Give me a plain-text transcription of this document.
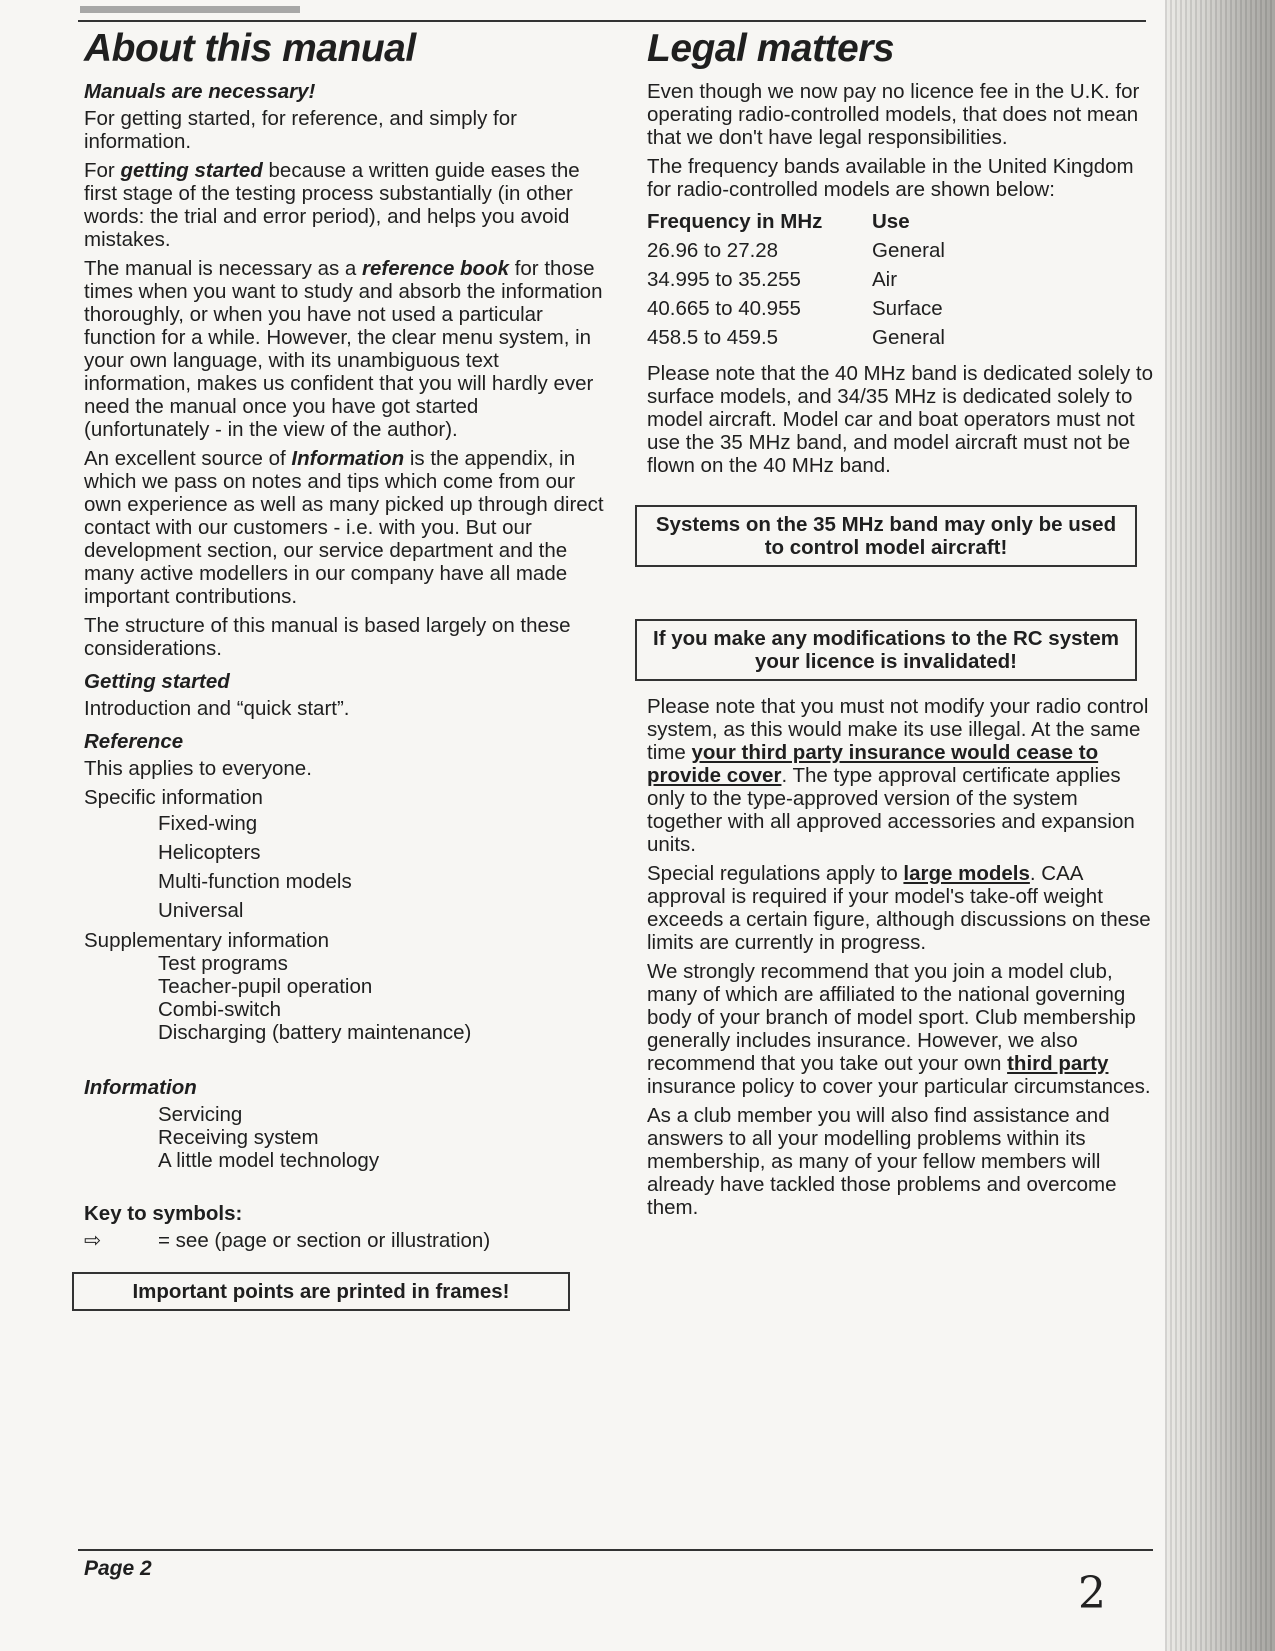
About this manual
Manuals are necessary!

For getting started, for reference, and simply for information.

For getting started because a written guide eases the first stage of the testing process substantially (in other words: the trial and error period), and helps you avoid mistakes.

The manual is necessary as a reference book for those times when you want to study and absorb the information thoroughly, or when you have not used a particular function for a while. However, the clear menu system, in your own language, with its unambiguous text information, makes us confident that you will hardly ever need the manual once you have got started (unfortunately - in the view of the author).

An excellent source of Information is the appendix, in which we pass on notes and tips which come from our own experience as well as many picked up through direct contact with our customers - i.e. with you. But our development section, our service department and the many active modellers in our company have all made important contributions.

The structure of this manual is based largely on these considerations.

Getting started

Introduction and “quick start”.

Reference

This applies to everyone.

Specific information
Fixed-wing
Helicopters
Multi-function models
Universal
Supplementary information
Test programs
Teacher-pupil operation
Combi-switch
Discharging (battery maintenance)
Information
Servicing
Receiving system
A little model technology
Key to symbols:
⇨	= see (page or section or illustration)
Important points are printed in frames!
Legal matters

Even though we now pay no licence fee in the U.K. for operating radio-controlled models, that does not mean that we don't have legal responsibilities.

The frequency bands available in the United Kingdom for radio-controlled models are shown below:

Frequency in MHz	Use
26.96 to 27.28	General
34.995 to 35.255	Air
40.665 to 40.955	Surface
458.5 to 459.5	General

Please note that the 40 MHz band is dedicated solely to surface models, and 34/35 MHz is dedicated solely to model aircraft. Model car and boat operators must not use the 35 MHz band, and model aircraft must not be flown on the 40 MHz band.

Systems on the 35 MHz band may only be used to control model aircraft!
If you make any modifications to the RC system your licence is invalidated!

Please note that you must not modify your radio control system, as this would make its use illegal. At the same time your third party insurance would cease to provide cover. The type approval certificate applies only to the type-approved version of the system together with all approved accessories and expansion units.

Special regulations apply to large models. CAA approval is required if your model's take-off weight exceeds a certain figure, although discussions on these limits are currently in progress.

We strongly recommend that you join a model club, many of which are affiliated to the national governing body of your branch of model sport. Club membership generally includes insurance. However, we also recommend that you take out your own third party insurance policy to cover your particular circumstances.

As a club member you will also find assistance and answers to all your modelling problems within its membership, as many of your fellow members will already have tackled those problems and overcome them.

Page 2	2
